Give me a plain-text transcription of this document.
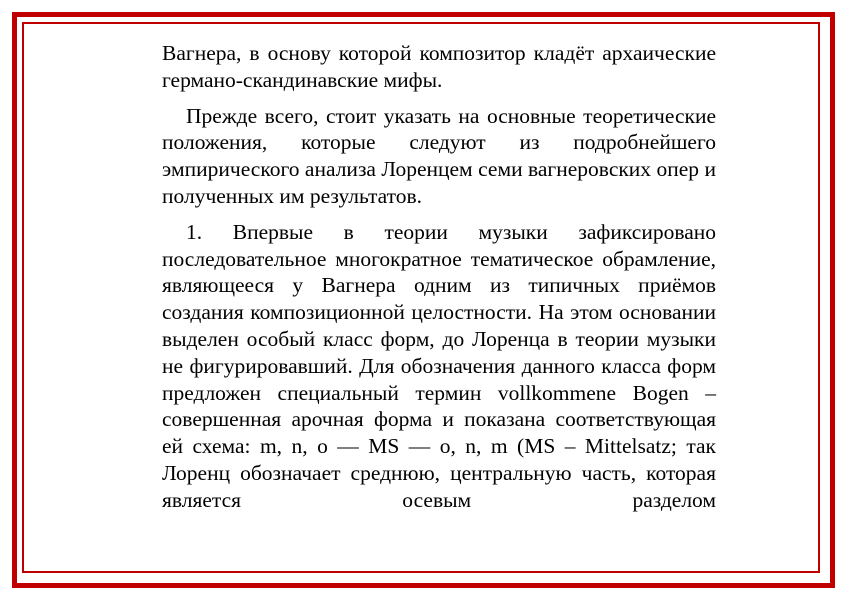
Вагнера, в основу которой композитор кладёт архаические германо-скандинавские мифы.

Прежде всего, стоит указать на основные теоретические положения, которые следуют из подробнейшего эмпирического анализа Лоренцем семи вагнеровских опер и полученных им результатов.

1. Впервые в теории музыки зафиксировано последовательное многократное тематическое обрамление, являющееся у Вагнера одним из типичных приёмов создания композиционной целостности. На этом основании выделен особый класс форм, до Лоренца в теории музыки не фигурировавший. Для обозначения данного класса форм предложен специальный термин vollkommene Bogen – совершенная арочная форма и показана соответствующая ей схема: m, n, o — MS — o, n, m (MS – Mittelsatz; так Лоренц обозначает среднюю, центральную часть, которая является осевым разделом
